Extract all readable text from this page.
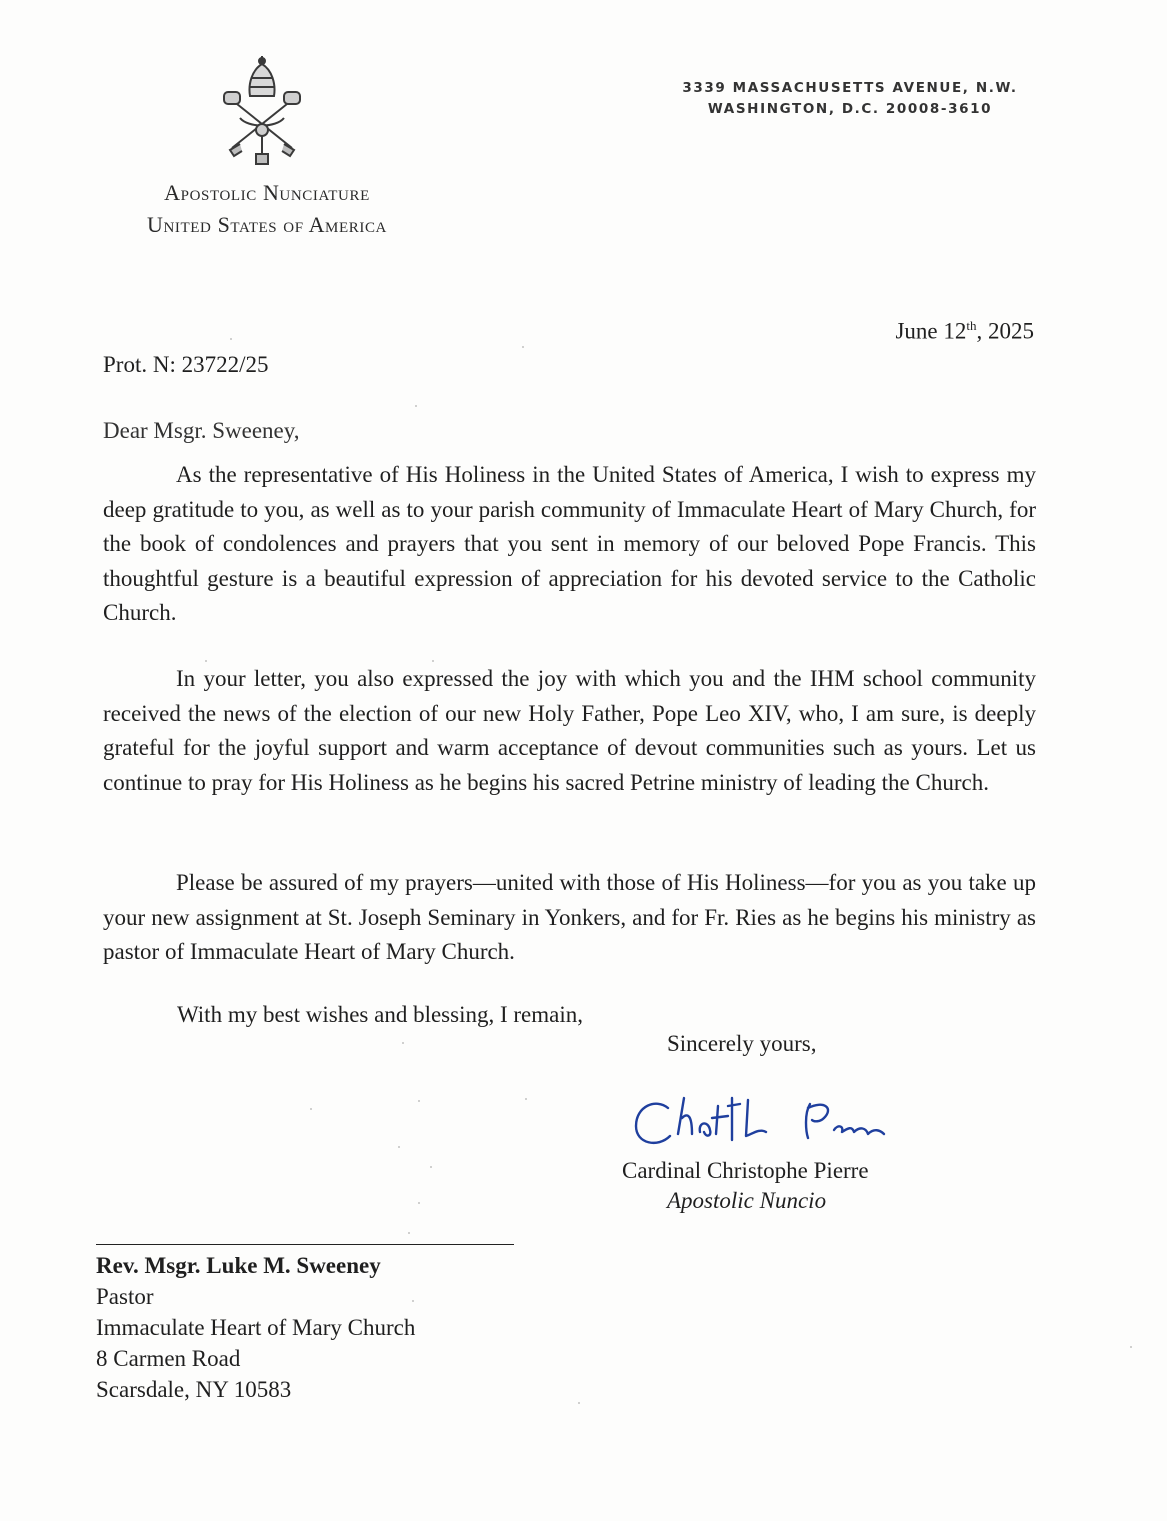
Apostolic Nunciature
United States of America
3339 MASSACHUSETTS AVENUE, N.W.
WASHINGTON, D.C. 20008-3610
June 12th, 2025
Prot. N: 23722/25
Dear Msgr. Sweeney,

As the representative of His Holiness in the United States of America, I wish to express my deep gratitude to you, as well as to your parish community of Immaculate Heart of Mary Church, for the book of condolences and prayers that you sent in memory of our beloved Pope Francis. This thoughtful gesture is a beautiful expression of appreciation for his devoted service to the Catholic Church.

In your letter, you also expressed the joy with which you and the IHM school community received the news of the election of our new Holy Father, Pope Leo XIV, who, I am sure, is deeply grateful for the joyful support and warm acceptance of devout communities such as yours. Let us continue to pray for His Holiness as he begins his sacred Petrine ministry of leading the Church.

Please be assured of my prayers—united with those of His Holiness—for you as you take up your new assignment at St. Joseph Seminary in Yonkers, and for Fr. Ries as he begins his ministry as pastor of Immaculate Heart of Mary Church.

With my best wishes and blessing, I remain,
Sincerely yours,
Cardinal Christophe Pierre
Apostolic Nuncio
Rev. Msgr. Luke M. Sweeney
Pastor
Immaculate Heart of Mary Church
8 Carmen Road
Scarsdale, NY 10583
